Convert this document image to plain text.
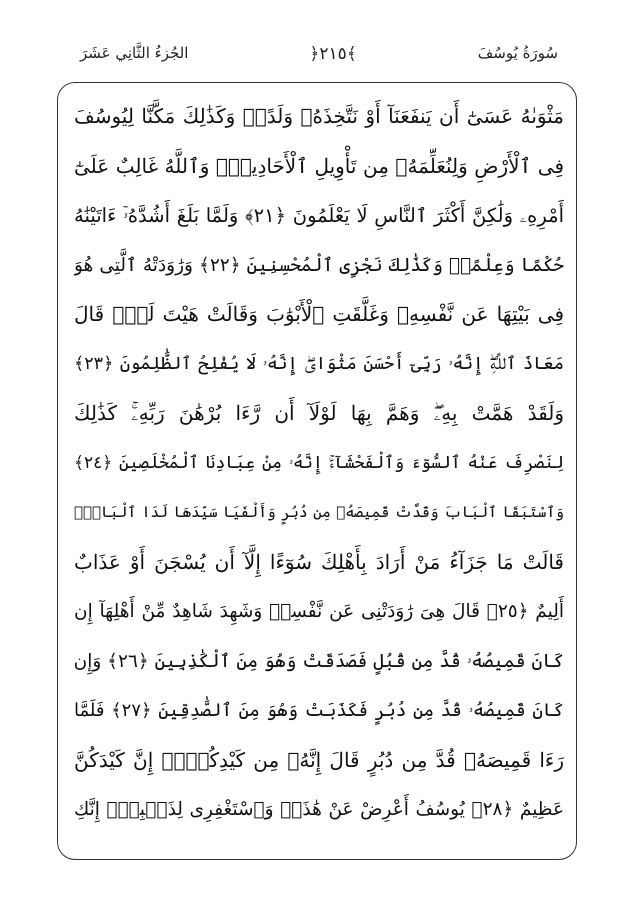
الجُزءُ الثَّانِي عَشَرَ	﴿٢١٥﴾	سُورَةُ يُوسُفَ
مَثْوَىٰهُ عَسَىٰٓ أَن يَنفَعَنَآ أَوْ نَتَّخِذَهُۥ وَلَدًاۚ وَكَذَٰلِكَ مَكَّنَّا لِيُوسُفَ
فِى ٱلْأَرْضِ وَلِنُعَلِّمَهُۥ مِن تَأْوِيلِ ٱلْأَحَادِيثِۚ وَٱللَّهُ غَالِبٌ عَلَىٰٓ
أَمْرِهِۦ وَلَٰكِنَّ أَكْثَرَ ٱلنَّاسِ لَا يَعْلَمُونَ ﴿٢١﴾ وَلَمَّا بَلَغَ أَشُدَّهُۥٓ ءَاتَيْنَٰهُ
حُكْمًا وَعِلْمًاۚ وَكَذَٰلِكَ نَجْزِى ٱلْمُحْسِنِينَ ﴿٢٢﴾ وَرَٰوَدَتْهُ ٱلَّتِى هُوَ
فِى بَيْتِهَا عَن نَّفْسِهِۦ وَغَلَّقَتِ ٱلْأَبْوَٰبَ وَقَالَتْ هَيْتَ لَكَۚ قَالَ
مَعَاذَ ٱللَّهِۖ إِنَّهُۥ رَبِّىٓ أَحْسَنَ مَثْوَاىَۖ إِنَّهُۥ لَا يُفْلِحُ ٱلظَّٰلِمُونَ ﴿٢٣﴾
وَلَقَدْ هَمَّتْ بِهِۦۖ وَهَمَّ بِهَا لَوْلَآ أَن رَّءَا بُرْهَٰنَ رَبِّهِۦۚ كَذَٰلِكَ
لِنَصْرِفَ عَنْهُ ٱلسُّوٓءَ وَٱلْفَحْشَآءَۚ إِنَّهُۥ مِنْ عِبَادِنَا ٱلْمُخْلَصِينَ ﴿٢٤﴾
وَٱسْتَبَقَا ٱلْبَابَ وَقَدَّتْ قَمِيصَهُۥ مِن دُبُرٍ وَأَلْفَيَا سَيِّدَهَا لَدَا ٱلْبَابِۚ
قَالَتْ مَا جَزَآءُ مَنْ أَرَادَ بِأَهْلِكَ سُوٓءًا إِلَّآ أَن يُسْجَنَ أَوْ عَذَابٌ
أَلِيمٌ ﴿٢٥﴾ قَالَ هِىَ رَٰوَدَتْنِى عَن نَّفْسِىۚ وَشَهِدَ شَاهِدٌ مِّنْ أَهْلِهَآ إِن
كَانَ قَمِيصُهُۥ قُدَّ مِن قُبُلٍ فَصَدَقَتْ وَهُوَ مِنَ ٱلْكَٰذِبِينَ ﴿٢٦﴾ وَإِن
كَانَ قَمِيصُهُۥ قُدَّ مِن دُبُرٍ فَكَذَبَتْ وَهُوَ مِنَ ٱلصَّٰدِقِينَ ﴿٢٧﴾ فَلَمَّا
رَءَا قَمِيصَهُۥ قُدَّ مِن دُبُرٍ قَالَ إِنَّهُۥ مِن كَيْدِكُنَّۖ إِنَّ كَيْدَكُنَّ
عَظِيمٌ ﴿٢٨﴾ يُوسُفُ أَعْرِضْ عَنْ هَٰذَاۚ وَٱسْتَغْفِرِى لِذَنۢبِكِۖ إِنَّكِ
